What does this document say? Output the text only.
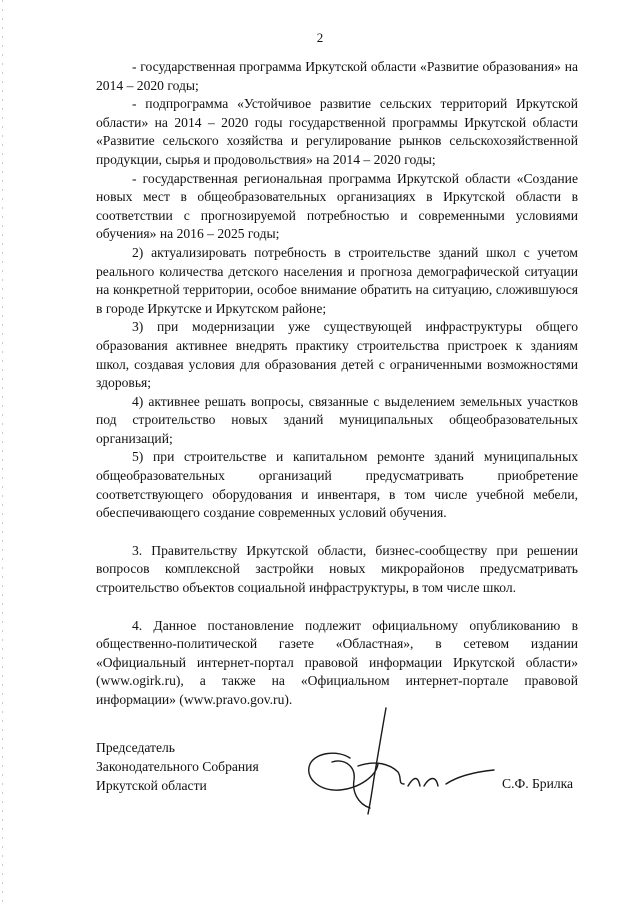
2

- государственная программа Иркутской области «Развитие образования» на 2014 – 2020 годы;

- подпрограмма «Устойчивое развитие сельских территорий Иркутской области» на 2014 – 2020 годы государственной программы Иркутской области «Развитие сельского хозяйства и регулирование рынков сельскохозяйственной продукции, сырья и продовольствия» на 2014 – 2020 годы;

- государственная региональная программа Иркутской области «Создание новых мест в общеобразовательных организациях в Иркутской области в соответствии с прогнозируемой потребностью и современными условиями обучения» на 2016 – 2025 годы;

2) актуализировать потребность в строительстве зданий школ с учетом реального количества детского населения и прогноза демографической ситуации на конкретной территории, особое внимание обратить на ситуацию, сложившуюся в городе Иркутске и Иркутском районе;

3) при модернизации уже существующей инфраструктуры общего образования активнее внедрять практику строительства пристроек к зданиям школ, создавая условия для образования детей с ограниченными возможностями здоровья;

4) активнее решать вопросы, связанные с выделением земельных участков под строительство новых зданий муниципальных общеобразовательных организаций;

5) при строительстве и капитальном ремонте зданий муниципальных общеобразовательных организаций предусматривать приобретение соответствующего оборудования и инвентаря, в том числе учебной мебели, обеспечивающего создание современных условий обучения.

3. Правительству Иркутской области, бизнес-сообществу при решении вопросов комплексной застройки новых микрорайонов предусматривать строительство объектов социальной инфраструктуры, в том числе школ.

4. Данное постановление подлежит официальному опубликованию в общественно-политической газете «Областная», в сетевом издании «Официальный интернет-портал правовой информации Иркутской области» (www.ogirk.ru), а также на «Официальном интернет-портале правовой информации» (www.pravo.gov.ru).

Председатель
Законодательного Собрания
Иркутской области	С.Ф. Брилка
